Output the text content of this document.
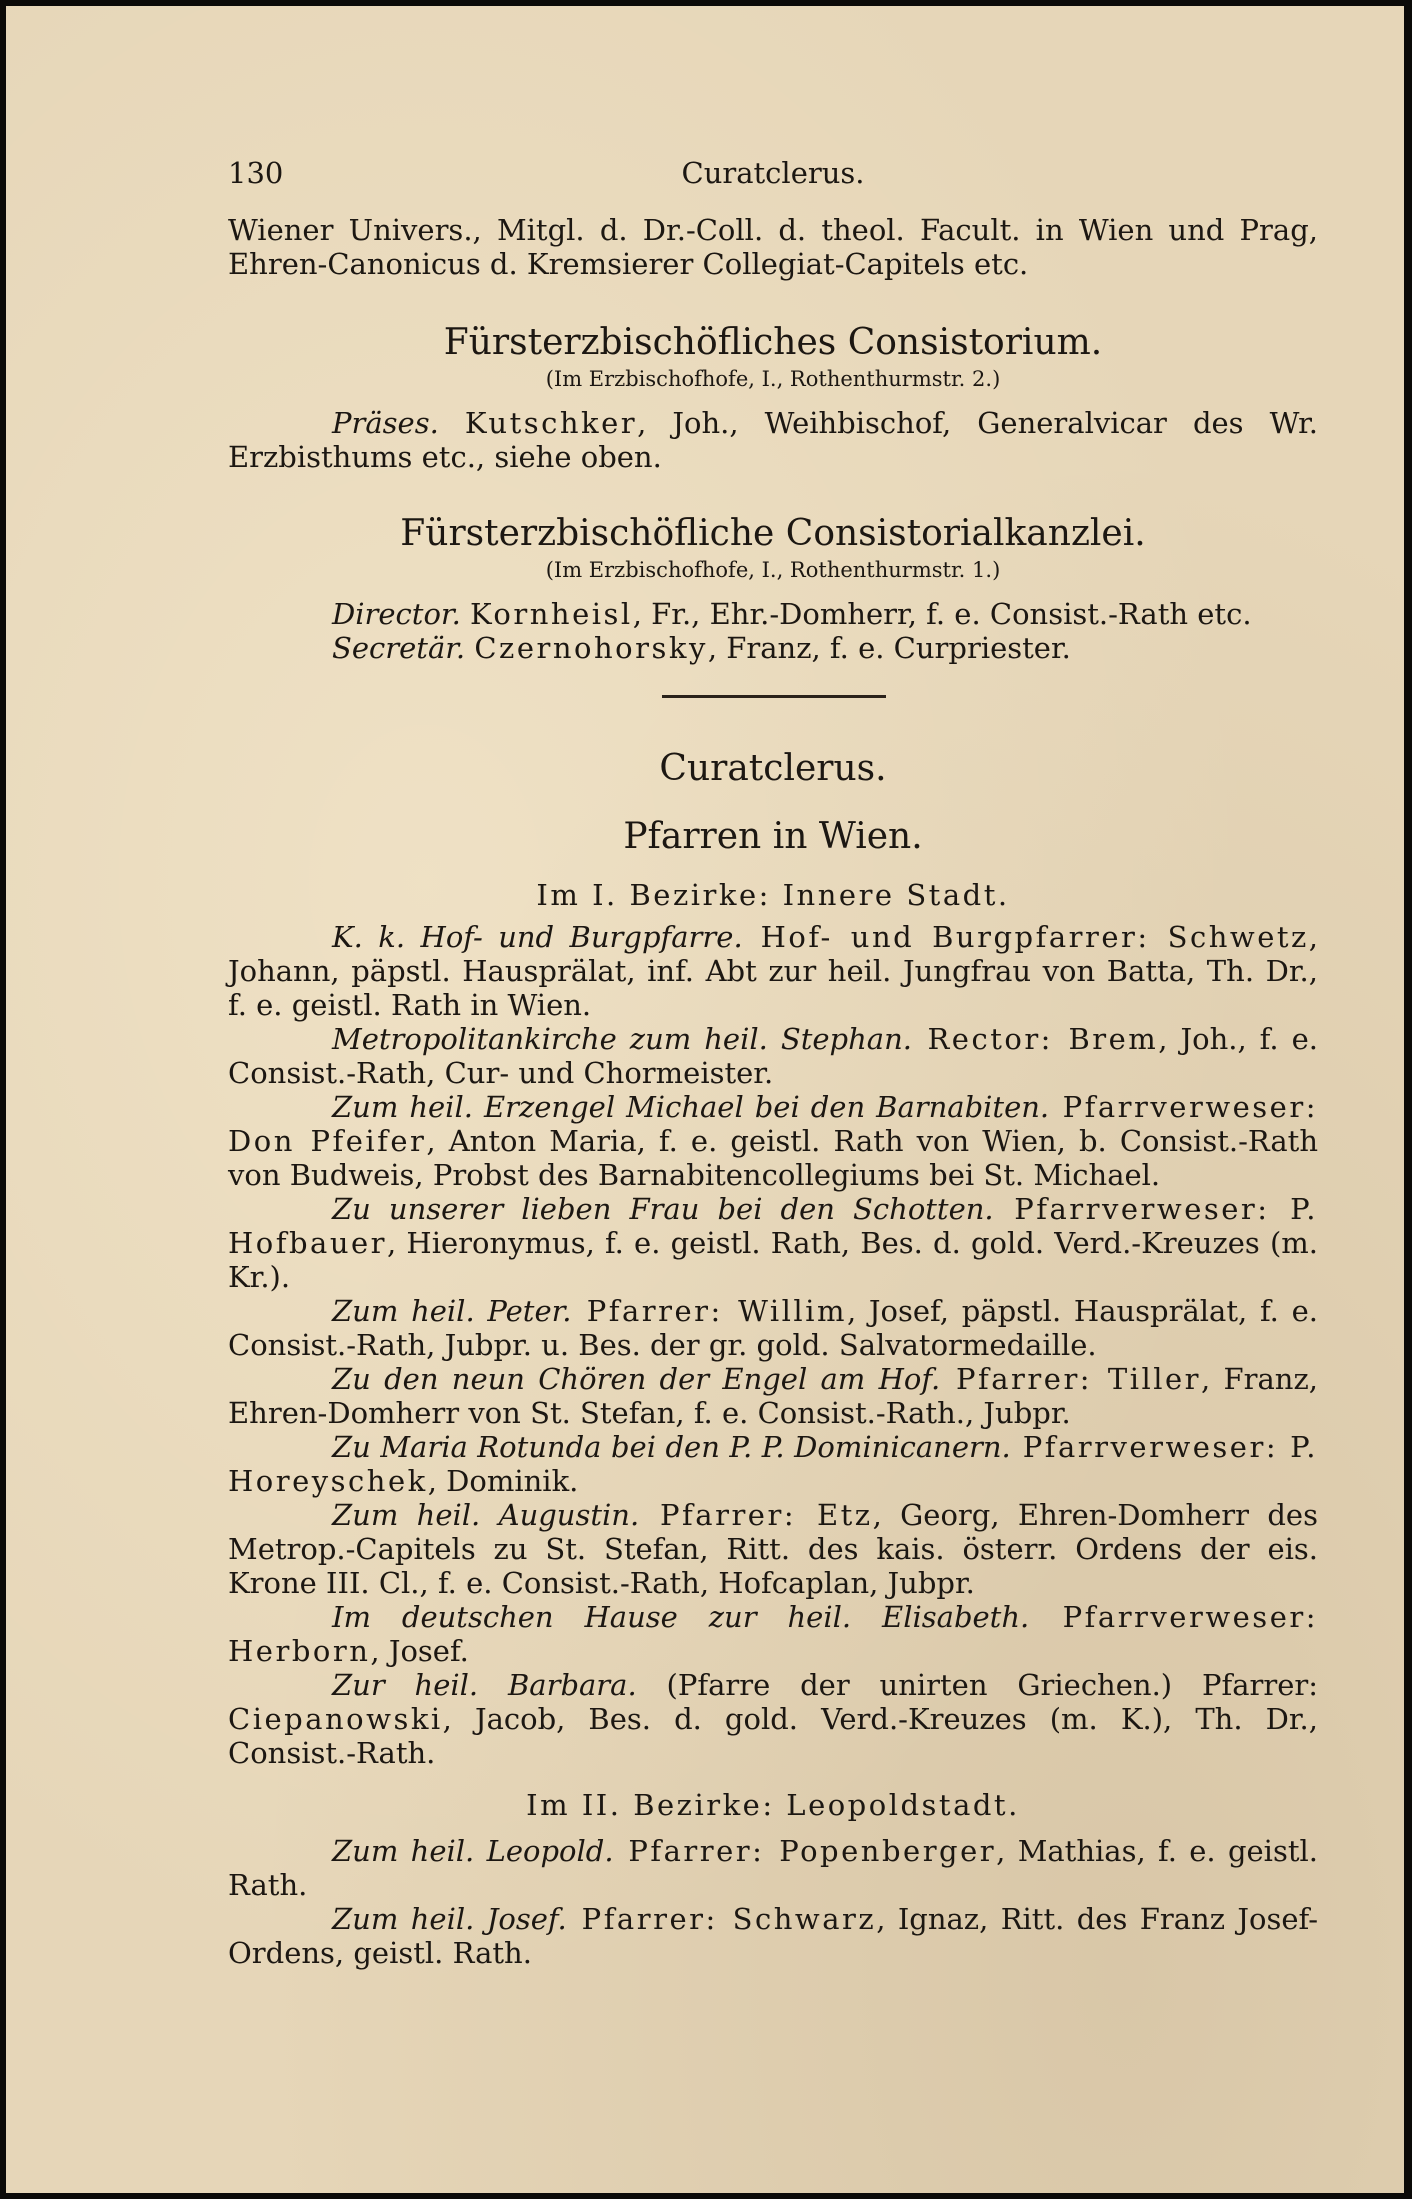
130	Curatclerus.

Wiener Univers., Mitgl. d. Dr.-Coll. d. theol. Facult. in Wien und Prag, Ehren-Canonicus d. Kremsierer Collegiat-Capitels etc.

Fürsterzbischöfliches Consistorium.
(Im Erzbischofhofe, I., Rothenthurmstr. 2.)

Präses. Kutschker, Joh., Weihbischof, Generalvicar des Wr. Erzbisthums etc., siehe oben.

Fürsterzbischöfliche Consistorialkanzlei.
(Im Erzbischofhofe, I., Rothenthurmstr. 1.)

Director. Kornheisl, Fr., Ehr.-Domherr, f. e. Consist.-Rath etc.

Secretär. Czernohorsky, Franz, f. e. Curpriester.

Curatclerus.
Pfarren in Wien.
Im I. Bezirke: Innere Stadt.

K. k. Hof- und Burgpfarre. Hof- und Burgpfarrer: Schwetz, Johann, päpstl. Hausprälat, inf. Abt zur heil. Jungfrau von Batta, Th. Dr., f. e. geistl. Rath in Wien.

Metropolitankirche zum heil. Stephan. Rector: Brem, Joh., f. e. Consist.-Rath, Cur- und Chormeister.

Zum heil. Erzengel Michael bei den Barnabiten. Pfarrverweser: Don Pfeifer, Anton Maria, f. e. geistl. Rath von Wien, b. Consist.-Rath von Budweis, Probst des Barnabitencollegiums bei St. Michael.

Zu unserer lieben Frau bei den Schotten. Pfarrverweser: P. Hofbauer, Hieronymus, f. e. geistl. Rath, Bes. d. gold. Verd.-Kreuzes (m. Kr.).

Zum heil. Peter. Pfarrer: Willim, Josef, päpstl. Hausprälat, f. e. Consist.-Rath, Jubpr. u. Bes. der gr. gold. Salvatormedaille.

Zu den neun Chören der Engel am Hof. Pfarrer: Tiller, Franz, Ehren-Domherr von St. Stefan, f. e. Consist.-Rath., Jubpr.

Zu Maria Rotunda bei den P. P. Dominicanern. Pfarrverweser: P. Horeyschek, Dominik.

Zum heil. Augustin. Pfarrer: Etz, Georg, Ehren-Domherr des Metrop.-Capitels zu St. Stefan, Ritt. des kais. österr. Ordens der eis. Krone III. Cl., f. e. Consist.-Rath, Hofcaplan, Jubpr.

Im deutschen Hause zur heil. Elisabeth. Pfarrverweser: Herborn, Josef.

Zur heil. Barbara. (Pfarre der unirten Griechen.) Pfarrer: Ciepanowski, Jacob, Bes. d. gold. Verd.-Kreuzes (m. K.), Th. Dr., Consist.-Rath.

Im II. Bezirke: Leopoldstadt.

Zum heil. Leopold. Pfarrer: Popenberger, Mathias, f. e. geistl. Rath.

Zum heil. Josef. Pfarrer: Schwarz, Ignaz, Ritt. des Franz Josef-Ordens, geistl. Rath.
